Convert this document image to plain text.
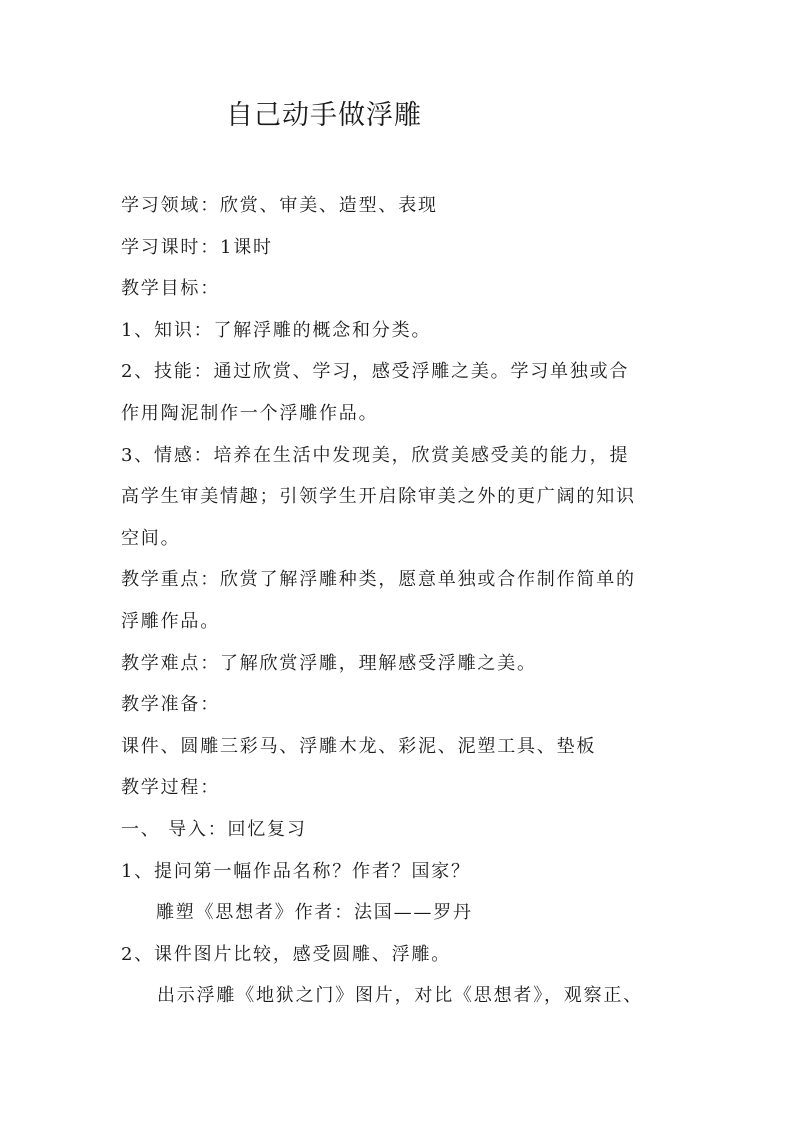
自己动手做浮雕
学习领域：欣赏、审美、造型、表现
学习课时：1课时
教学目标：
1、知识：了解浮雕的概念和分类。
2、技能：通过欣赏、学习，感受浮雕之美。学习单独或合
作用陶泥制作一个浮雕作品。
3、情感：培养在生活中发现美，欣赏美感受美的能力，提
高学生审美情趣；引领学生开启除审美之外的更广阔的知识
空间。
教学重点：欣赏了解浮雕种类，愿意单独或合作制作简单的
浮雕作品。
教学难点：了解欣赏浮雕，理解感受浮雕之美。
教学准备：
课件、圆雕三彩马、浮雕木龙、彩泥、泥塑工具、垫板
教学过程：
一、 导入：回忆复习
1、提问第一幅作品名称？作者？国家？
雕塑《思想者》作者：法国——罗丹
2、课件图片比较，感受圆雕、浮雕。
出示浮雕《地狱之门》图片，对比《思想者》，观察正、
